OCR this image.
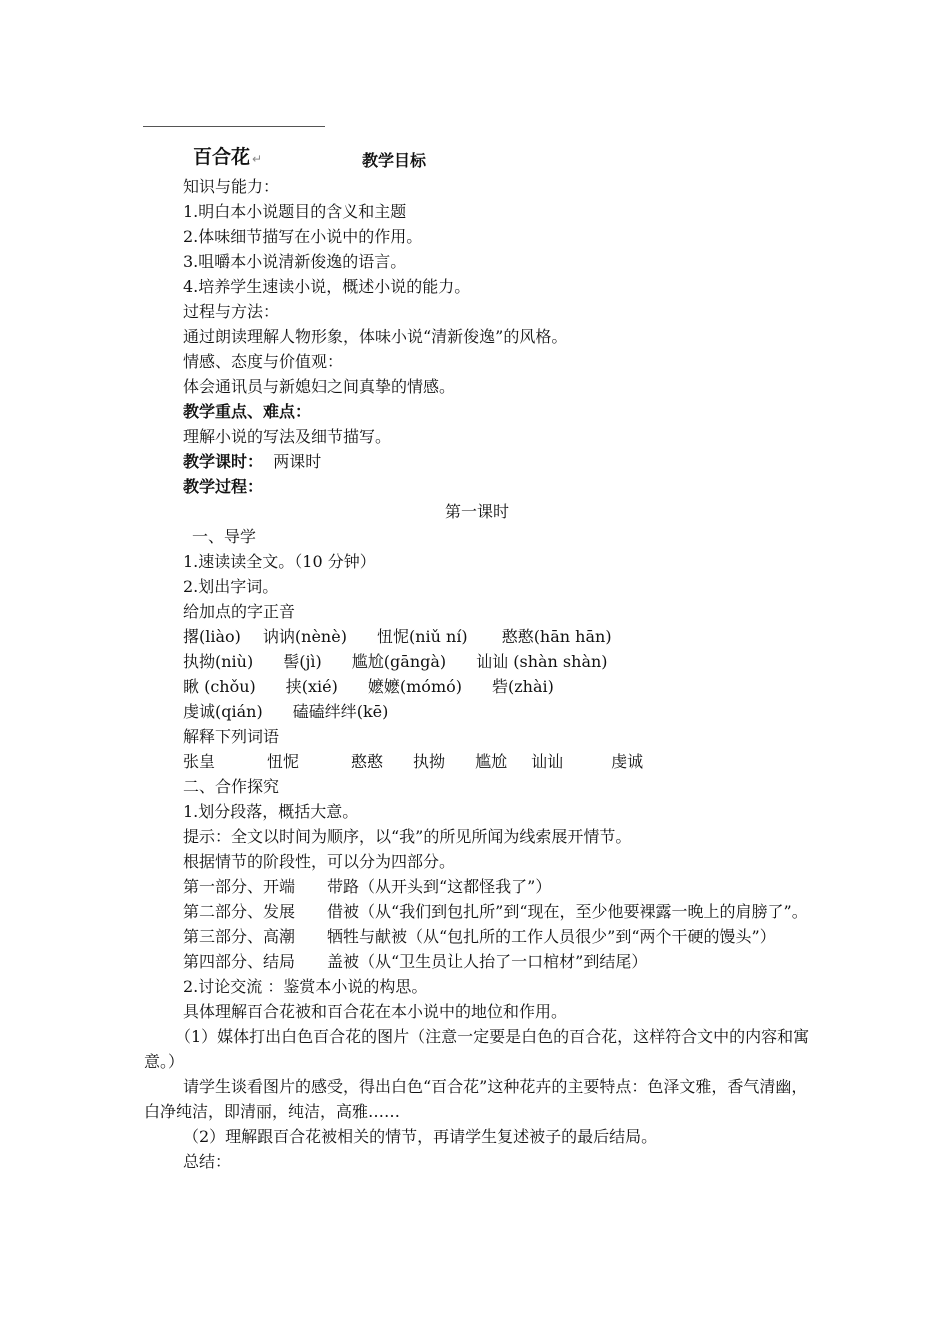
百合花 ↵	教学目标
知识与能力：
1.明白本小说题目的含义和主题
2.体味细节描写在小说中的作用。
3.咀嚼本小说清新俊逸的语言。
4.培养学生速读小说，概述小说的能力。
过程与方法：
通过朗读理解人物形象，体味小说“清新俊逸”的风格。
情感、态度与价值观：
体会通讯员与新媳妇之间真挚的情感。
教学重点、难点：
理解小说的写法及细节描写。
教学课时： 两课时
教学过程：
第一课时
一、导学
1.速读读全文。（10 分钟）
2.划出字词。
给加点的字正音
撂(liào) 讷讷(nènè) 忸怩(niǔ ní) 憨憨(hān hān)
执拗(niù) 髻(jì) 尴尬(gāngà) 讪讪 (shàn shàn)
瞅 (chǒu) 挟(xié) 嬷嬷(mómó) 砦(zhài)
虔诚(qián) 磕磕绊绊(kē)
解释下列词语
张皇	忸怩	憨憨 执拗 尴尬 讪讪	虔诚
二、合作探究
1.划分段落，概括大意。
提示：全文以时间为顺序，以“我”的所见所闻为线索展开情节。
根据情节的阶段性，可以分为四部分。
第一部分、开端　　带路（从开头到“这都怪我了”）
第二部分、发展　　借被（从“我们到包扎所”到“现在，至少他要裸露一晚上的肩膀了”。
第三部分、高潮　　牺牲与献被（从“包扎所的工作人员很少”到“两个干硬的馒头”）
第四部分、结局　　盖被（从“卫生员让人抬了一口棺材”到结尾）
2.讨论交流 ：鉴赏本小说的构思。
具体理解百合花被和百合花在本小说中的地位和作用。
（1）媒体打出白色百合花的图片（注意一定要是白色的百合花，这样符合文中的内容和寓意。）
请学生谈看图片的感受，得出白色“百合花”这种花卉的主要特点：色泽文雅，香气清幽，白净纯洁，即清丽，纯洁，高雅……
（2）理解跟百合花被相关的情节，再请学生复述被子的最后结局。
总结：
